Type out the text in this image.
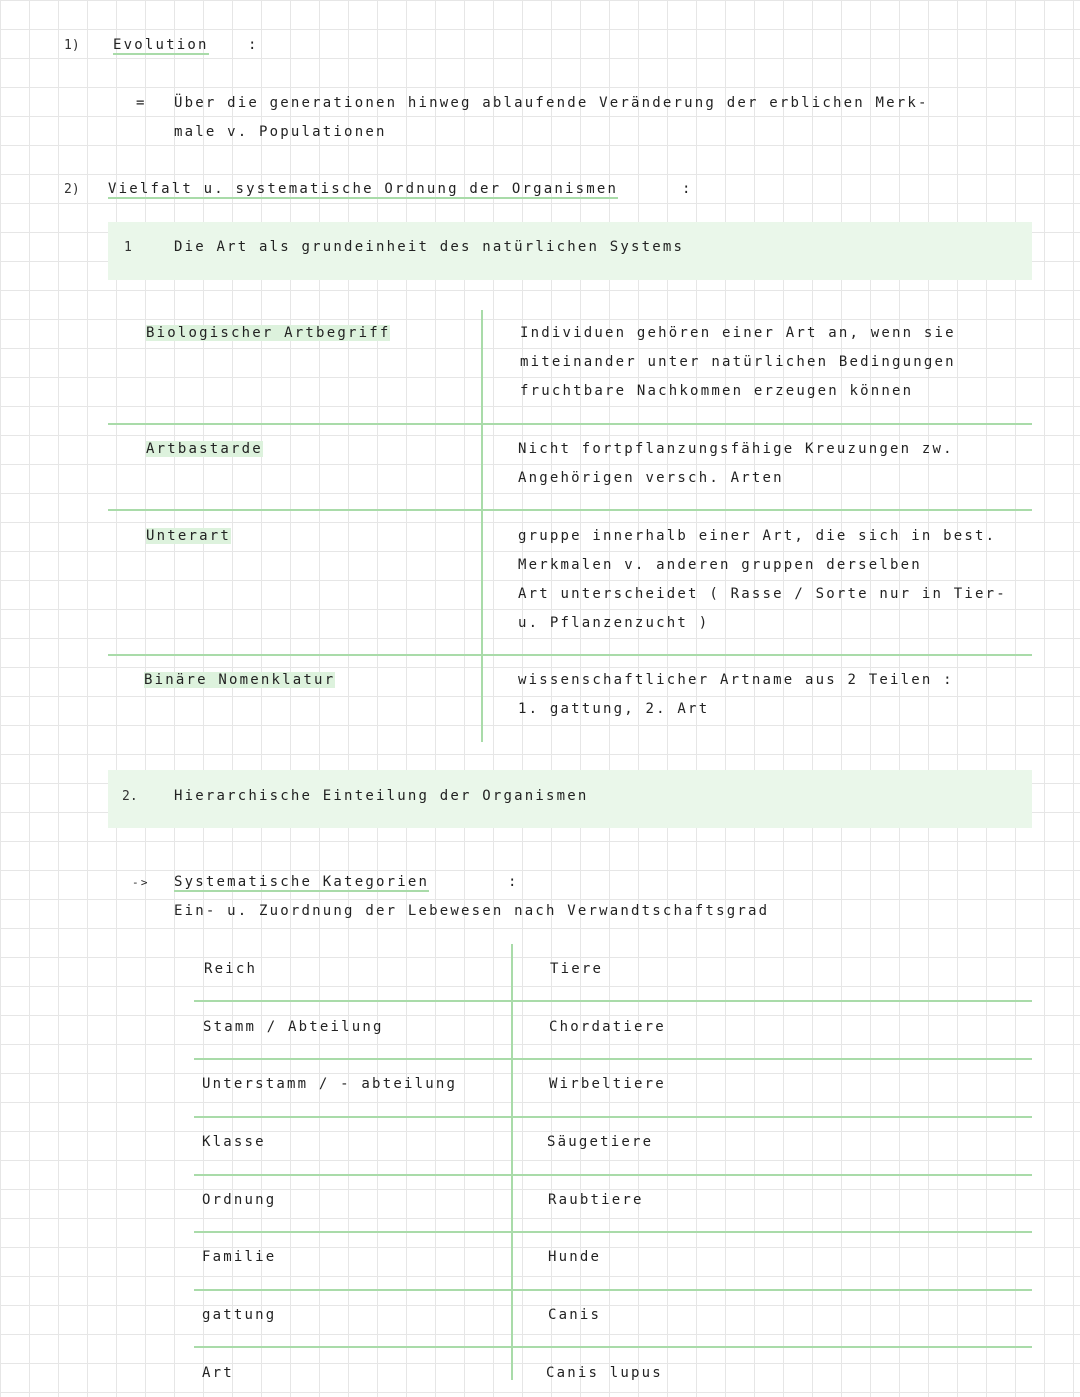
1) Evolution	:
= Über die generationen hinweg ablaufende Veränderung der erblichen Merk-
male v. Populationen
2) Vielfalt u. systematische Ordnung der Organismen	:
1	Die Art als grundeinheit des natürlichen Systems
Biologischer Artbegriff	Individuen gehören einer Art an, wenn sie
miteinander unter natürlichen Bedingungen
fruchtbare Nachkommen erzeugen können
Artbastarde	Nicht fortpflanzungsfähige Kreuzungen zw.
Angehörigen versch. Arten
Unterart	gruppe innerhalb einer Art, die sich in best.
Merkmalen v. anderen gruppen derselben
Art unterscheidet ( Rasse / Sorte nur in Tier-
u. Pflanzenzucht )
Binäre Nomenklatur	wissenschaftlicher Artname aus 2 Teilen :
1. gattung, 2. Art
2.	Hierarchische Einteilung der Organismen
-> Systematische Kategorien	:
Ein- u. Zuordnung der Lebewesen nach Verwandtschaftsgrad
Reich	Tiere
Stamm / Abteilung	Chordatiere
Unterstamm / - abteilung	Wirbeltiere
Klasse	Säugetiere
Ordnung	Raubtiere
Familie	Hunde
gattung	Canis
Art	Canis lupus
